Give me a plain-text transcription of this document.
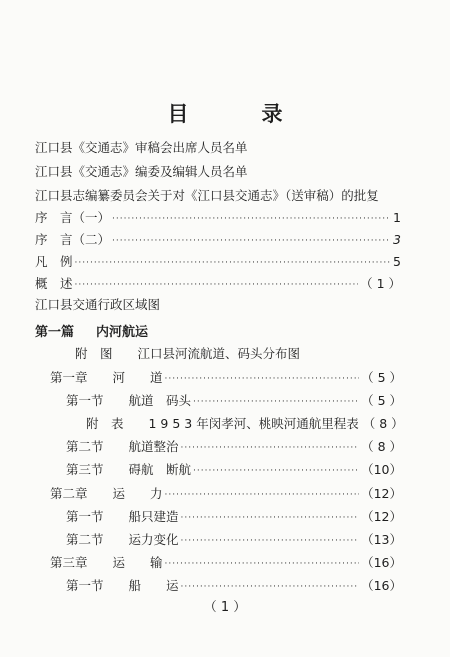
目　录
江口县《交通志》审稿会出席人员名单
江口县《交通志》编委及编辑人员名单
江口县志编纂委员会关于对《江口县交通志》（送审稿）的批复
序　言（一） ·····	1
序　言（二） ·····	3
凡　例 ·····	5
概　述 ·····	（ 1 ）
江口县交通行政区域图
第一篇 内河航运
附　图　　江口县河流航道、码头分布图
第一章　　河　　道 ·····	（ 5 ）
第一节　　航道　码头 ·····	（ 5 ）
附　表　　1 9 5 3 年闵孝河、桃映河通航里程表 （ 8 ）
第二节　　航道整治 ·····	（ 8 ）
第三节　　碍航　断航 ·····	（10）
第二章　　运　　力 ·····	（12）
第一节　　船只建造 ·····	（12）
第二节　　运力变化 ·····	（13）
第三章　　运　　输 ·····	（16）
第一节　　船　　运 ·····	（16）
（ 1 ）
